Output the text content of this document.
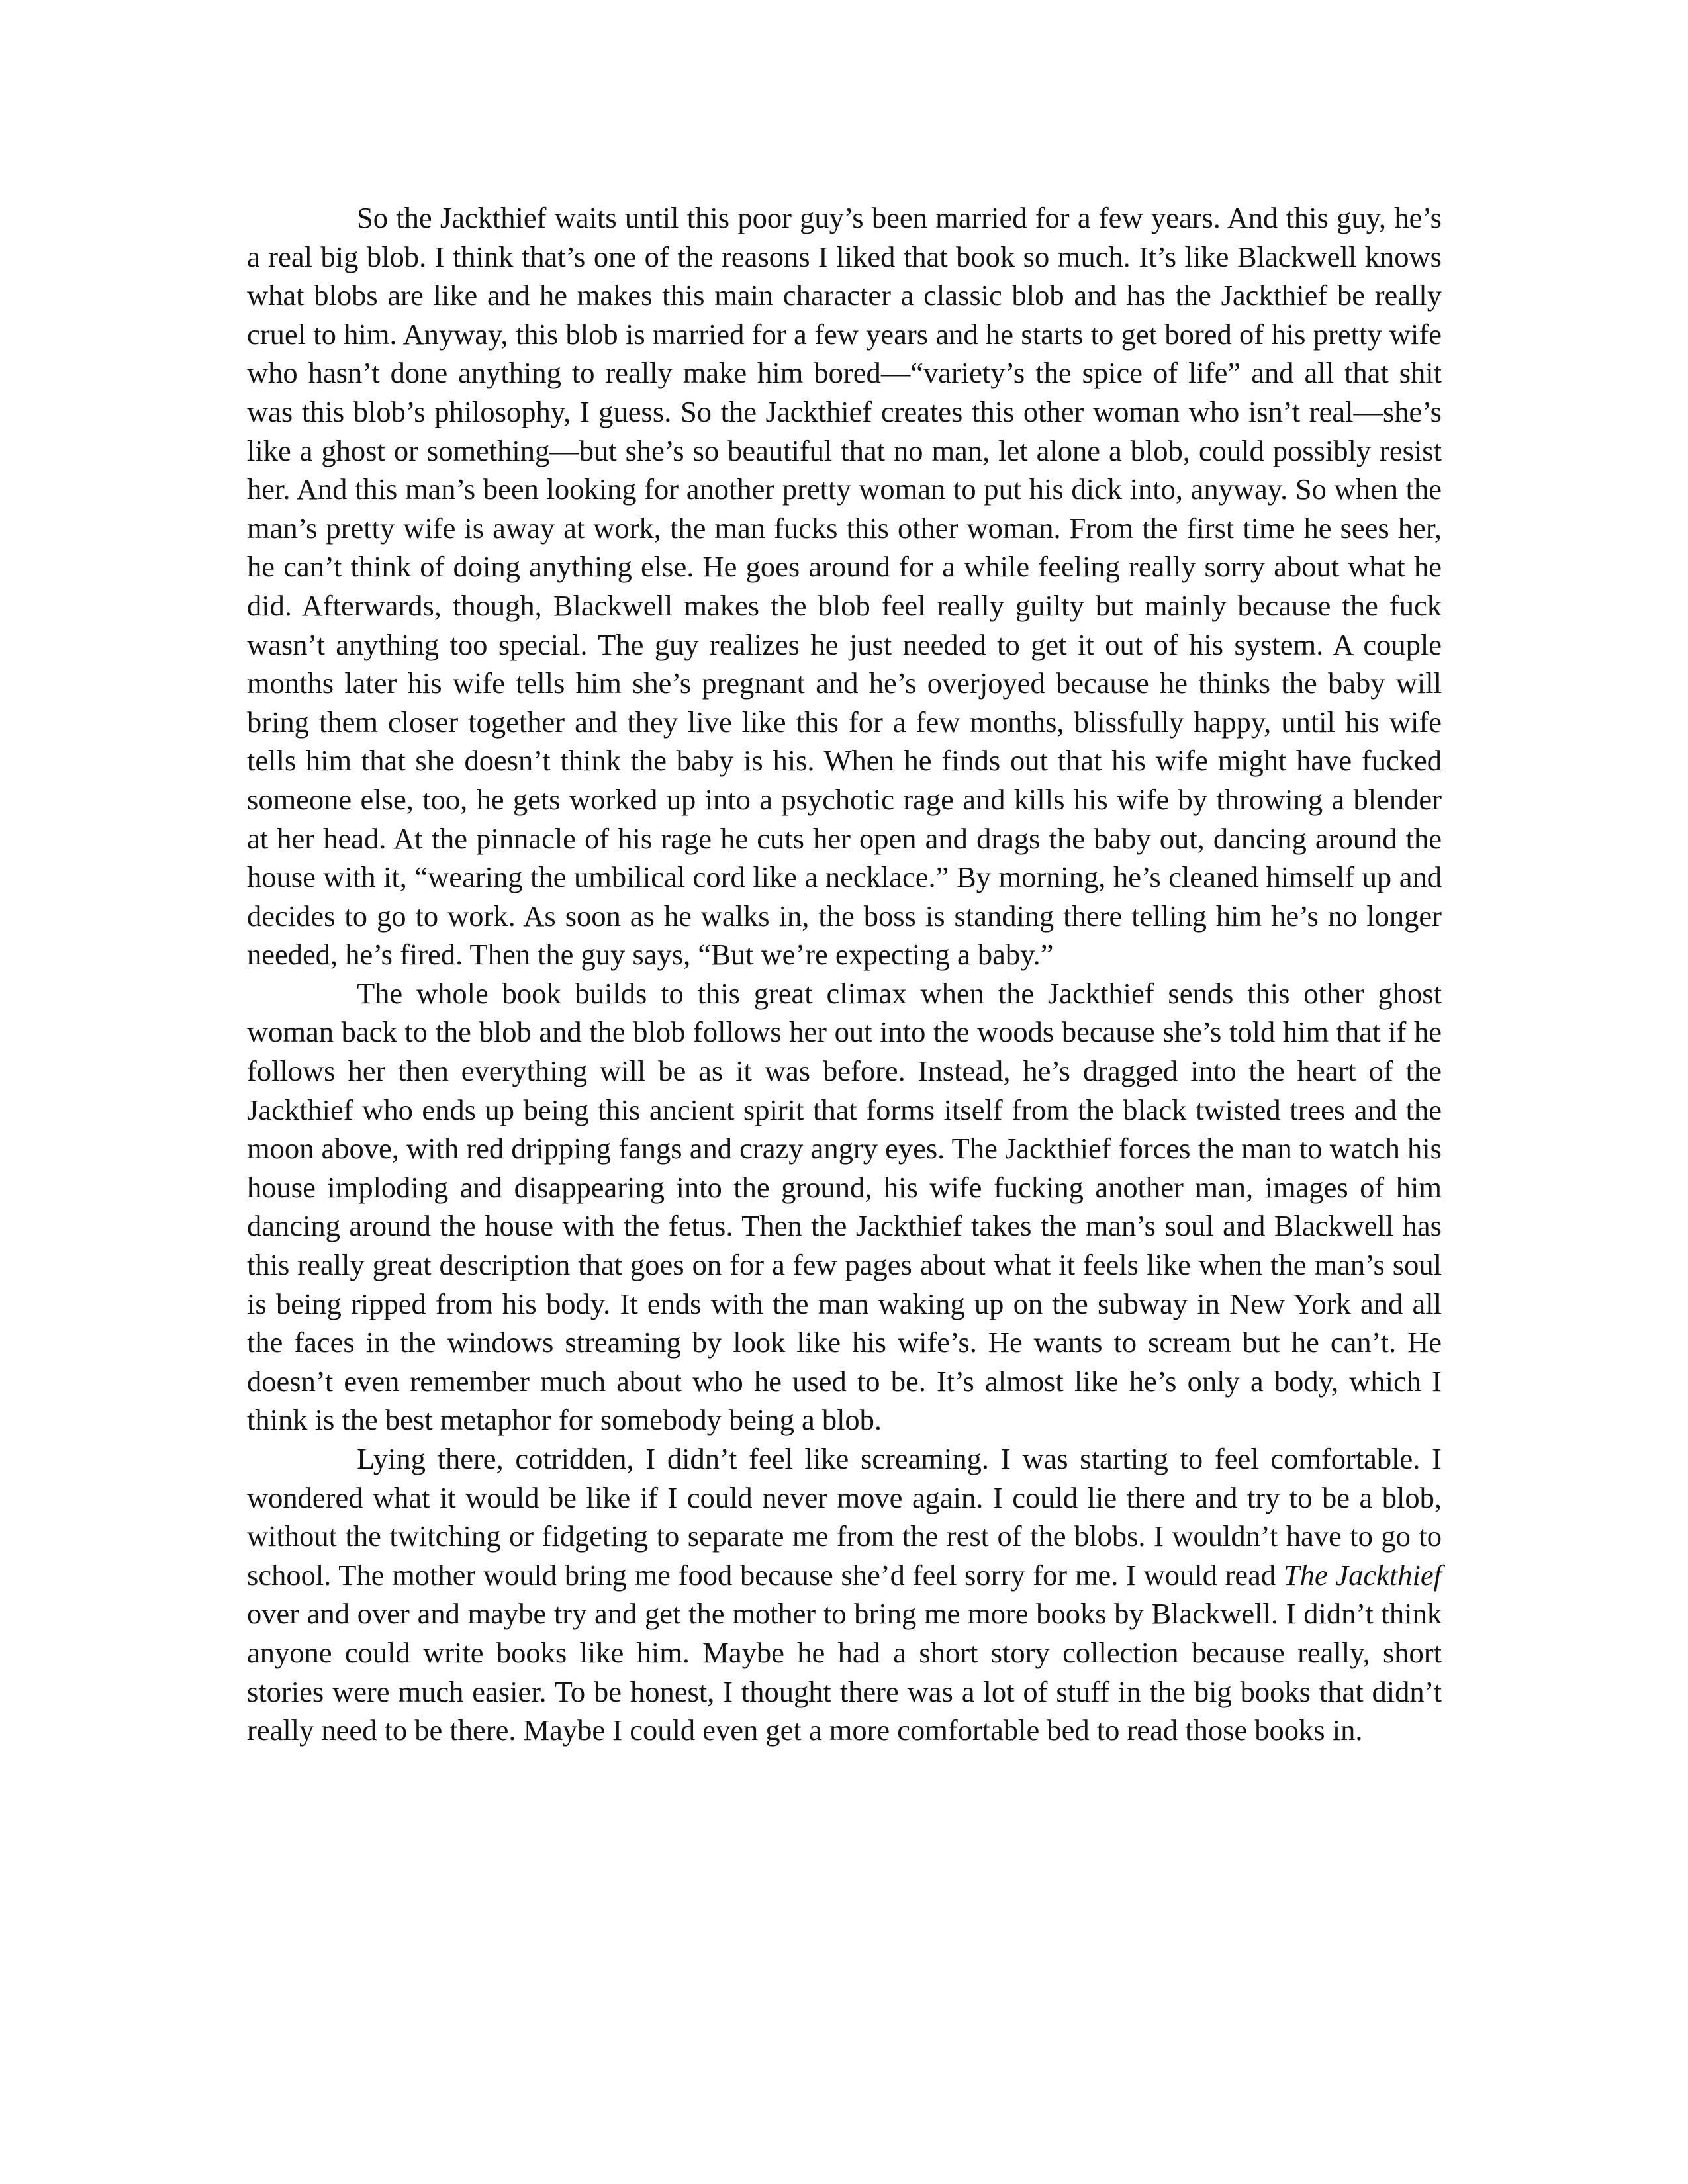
So the Jackthief waits until this poor guy’s been married for a few years. And this guy, he’s a real big blob. I think that’s one of the reasons I liked that book so much. It’s like Blackwell knows what blobs are like and he makes this main character a classic blob and has the Jackthief be really cruel to him. Anyway, this blob is married for a few years and he starts to get bored of his pretty wife who hasn’t done anything to really make him bored—“variety’s the spice of life” and all that shit was this blob’s philosophy, I guess. So the Jackthief creates this other woman who isn’t real—she’s like a ghost or something—but she’s so beautiful that no man, let alone a blob, could possibly resist her. And this man’s been looking for another pretty woman to put his dick into, anyway. So when the man’s pretty wife is away at work, the man fucks this other woman. From the first time he sees her, he can’t think of doing anything else. He goes around for a while feeling really sorry about what he did. Afterwards, though, Blackwell makes the blob feel really guilty but mainly because the fuck wasn’t anything too special. The guy realizes he just needed to get it out of his system. A couple months later his wife tells him she’s pregnant and he’s overjoyed because he thinks the baby will bring them closer together and they live like this for a few months, blissfully happy, until his wife tells him that she doesn’t think the baby is his. When he finds out that his wife might have fucked someone else, too, he gets worked up into a psychotic rage and kills his wife by throwing a blender at her head. At the pinnacle of his rage he cuts her open and drags the baby out, dancing around the house with it, “wearing the umbilical cord like a necklace.” By morning, he’s cleaned himself up and decides to go to work. As soon as he walks in, the boss is standing there telling him he’s no longer needed, he’s fired. Then the guy says, “But we’re expecting a baby.”

The whole book builds to this great climax when the Jackthief sends this other ghost woman back to the blob and the blob follows her out into the woods because she’s told him that if he follows her then everything will be as it was before. Instead, he’s dragged into the heart of the Jackthief who ends up being this ancient spirit that forms itself from the black twisted trees and the moon above, with red dripping fangs and crazy angry eyes. The Jackthief forces the man to watch his house imploding and disappearing into the ground, his wife fucking another man, images of him dancing around the house with the fetus. Then the Jackthief takes the man’s soul and Blackwell has this really great description that goes on for a few pages about what it feels like when the man’s soul is being ripped from his body. It ends with the man waking up on the subway in New York and all the faces in the windows streaming by look like his wife’s. He wants to scream but he can’t. He doesn’t even remember much about who he used to be. It’s almost like he’s only a body, which I think is the best metaphor for somebody being a blob.

Lying there, cotridden, I didn’t feel like screaming. I was starting to feel comfortable. I wondered what it would be like if I could never move again. I could lie there and try to be a blob, without the twitching or fidgeting to separate me from the rest of the blobs. I wouldn’t have to go to school. The mother would bring me food because she’d feel sorry for me. I would read The Jackthief over and over and maybe try and get the mother to bring me more books by Blackwell. I didn’t think anyone could write books like him. Maybe he had a short story collection because really, short stories were much easier. To be honest, I thought there was a lot of stuff in the big books that didn’t really need to be there. Maybe I could even get a more comfortable bed to read those books in.
